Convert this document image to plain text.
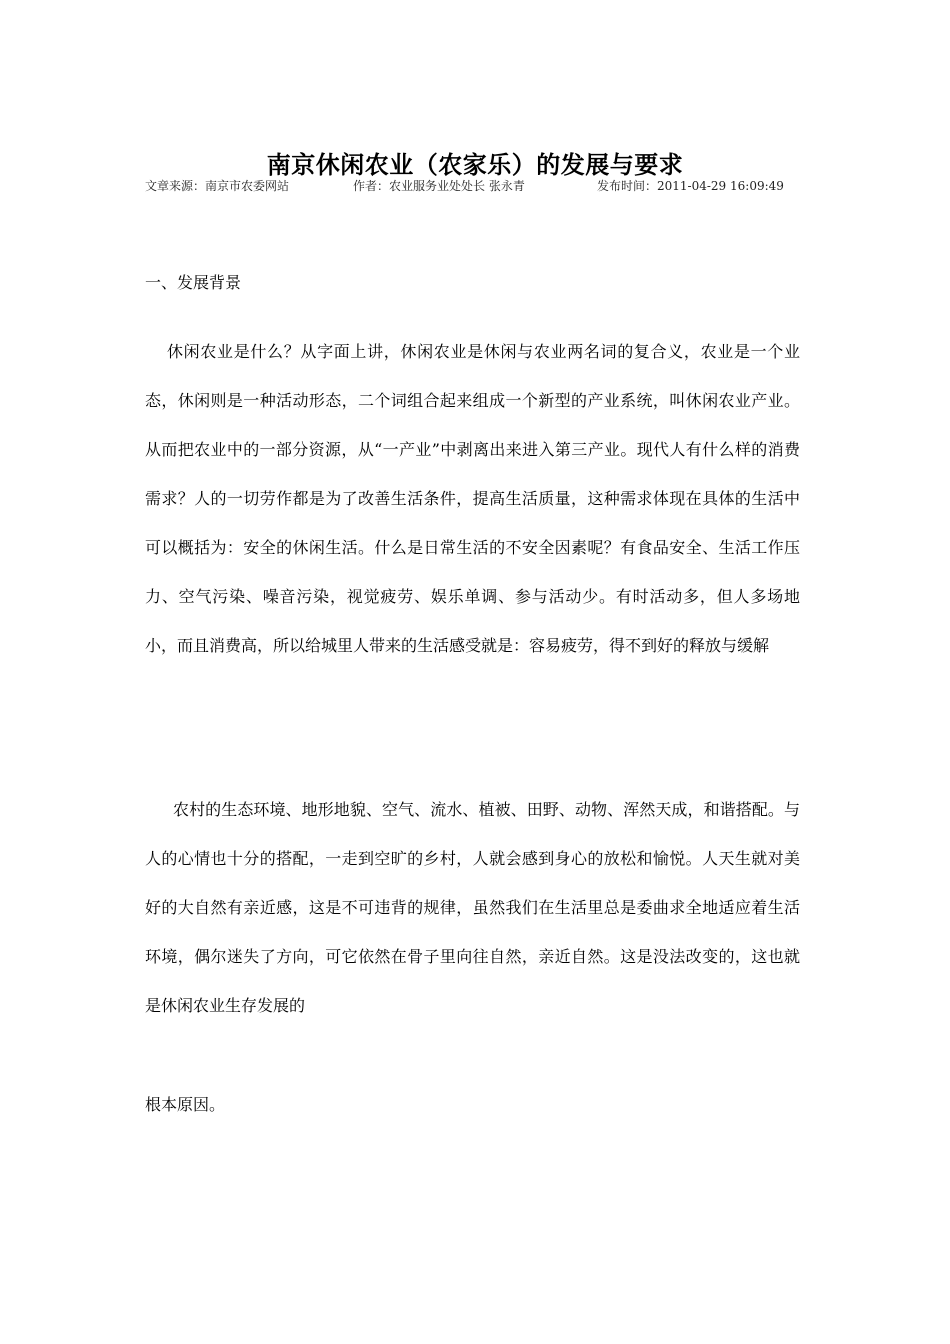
南京休闲农业（农家乐）的发展与要求
文章来源：南京市农委网站	作者：农业服务业处处长 张永青	发布时间：2011-04-29 16:09:49
一、发展背景

休闲农业是什么？从字面上讲，休闲农业是休闲与农业两名词的复合义，农业是一个业态，休闲则是一种活动形态，二个词组合起来组成一个新型的产业系统，叫休闲农业产业。从而把农业中的一部分资源，从“一产业”中剥离出来进入第三产业。现代人有什么样的消费需求？人的一切劳作都是为了改善生活条件，提高生活质量，这种需求体现在具体的生活中可以概括为：安全的休闲生活。什么是日常生活的不安全因素呢？有食品安全、生活工作压力、空气污染、噪音污染，视觉疲劳、娱乐单调、参与活动少。有时活动多，但人多场地小，而且消费高，所以给城里人带来的生活感受就是：容易疲劳，得不到好的释放与缓解

农村的生态环境、地形地貌、空气、流水、植被、田野、动物、浑然天成，和谐搭配。与人的心情也十分的搭配，一走到空旷的乡村，人就会感到身心的放松和愉悦。人天生就对美好的大自然有亲近感，这是不可违背的规律，虽然我们在生活里总是委曲求全地适应着生活环境，偶尔迷失了方向，可它依然在骨子里向往自然，亲近自然。这是没法改变的，这也就是休闲农业生存发展的

根本原因。
